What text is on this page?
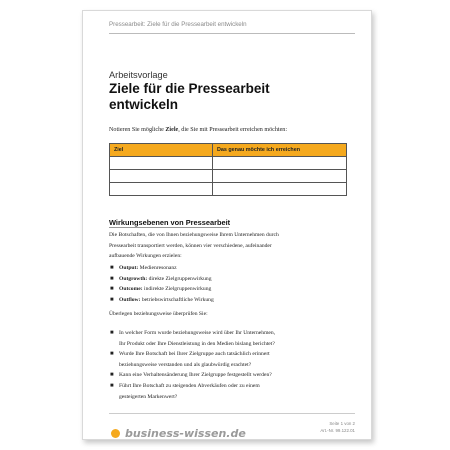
Pressearbeit: Ziele für die Pressearbeit entwickeln
Arbeitsvorlage
Ziele für die Pressearbeit
entwickeln
Notieren Sie mögliche Ziele, die Sie mit Pressearbeit erreichen möchten:
Ziel	Das genau möchte ich erreichen

Wirkungsebenen von Pressearbeit
Die Botschaften, die von Ihnen beziehungsweise Ihrem Unternehmen durch
Pressearbeit transportiert werden, können vier verschiedene, aufeinander
aufbauende Wirkungen erzielen:
■ Output: Medienresonanz
■ Outgrowth: direkte Zielgruppenwirkung
■ Outcome: indirekte Zielgruppenwirkung
■ Outflow: betriebswirtschaftliche Wirkung
Überlegen beziehungsweise überprüfen Sie:
■ In welcher Form wurde beziehungsweise wird über Ihr Unternehmen,
Ihr Produkt oder Ihre Dienstleistung in den Medien bislang berichtet?
■ Wurde Ihre Botschaft bei Ihrer Zielgruppe auch tatsächlich erinnert
beziehungsweise verstanden und als glaubwürdig erachtet?
■ Kann eine Verhaltensänderung Ihrer Zielgruppe festgestellt werden?
■ Führt Ihre Botschaft zu steigenden Abverkäufen oder zu einem
gesteigerten Markenwert?
business-wissen.de
Seite 1 von 2
Art.-Nr. 99.122.01
